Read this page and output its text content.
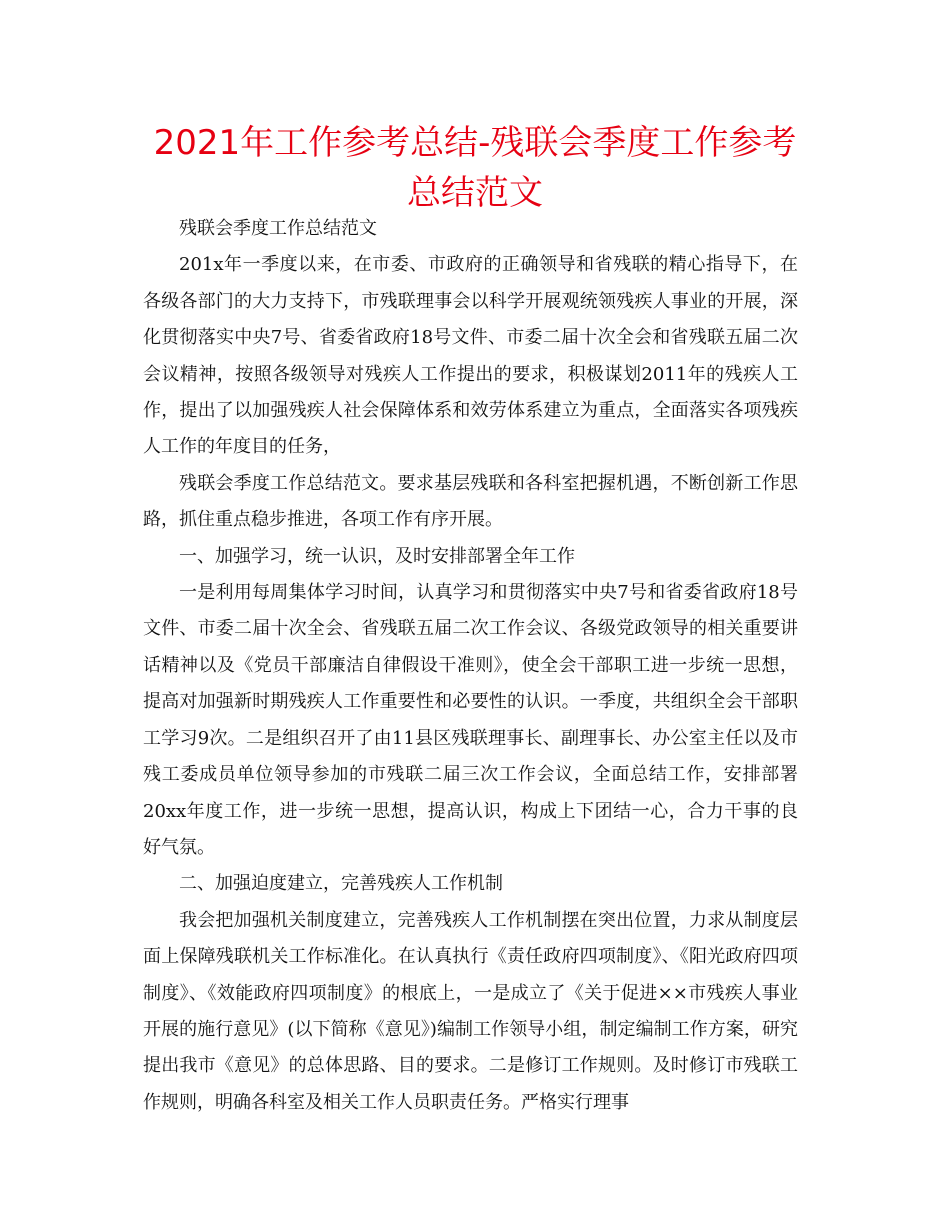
2021年工作参考总结-残联会季度工作参考总结范文

残联会季度工作总结范文

201x年一季度以来，在市委、市政府的正确领导和省残联的精心指导下，在各级各部门的大力支持下，市残联理事会以科学开展观统领残疾人事业的开展，深化贯彻落实中央7号、省委省政府18号文件、市委二届十次全会和省残联五届二次会议精神，按照各级领导对残疾人工作提出的要求，积极谋划2011年的残疾人工作，提出了以加强残疾人社会保障体系和效劳体系建立为重点，全面落实各项残疾人工作的年度目的任务，

残联会季度工作总结范文。要求基层残联和各科室把握机遇，不断创新工作思路，抓住重点稳步推进，各项工作有序开展。

一、加强学习，统一认识，及时安排部署全年工作

一是利用每周集体学习时间，认真学习和贯彻落实中央7号和省委省政府18号文件、市委二届十次全会、省残联五届二次工作会议、各级党政领导的相关重要讲话精神以及《党员干部廉洁自律假设干准则》，使全会干部职工进一步统一思想，提高对加强新时期残疾人工作重要性和必要性的认识。一季度，共组织全会干部职工学习9次。二是组织召开了由11县区残联理事长、副理事长、办公室主任以及市残工委成员单位领导参加的市残联二届三次工作会议，全面总结工作，安排部署20xx年度工作，进一步统一思想，提高认识，构成上下团结一心，合力干事的良好气氛。

二、加强迫度建立，完善残疾人工作机制

我会把加强机关制度建立，完善残疾人工作机制摆在突出位置，力求从制度层面上保障残联机关工作标准化。在认真执行《责任政府四项制度》、《阳光政府四项制度》、《效能政府四项制度》的根底上，一是成立了《关于促进××市残疾人事业开展的施行意见》(以下简称《意见》)编制工作领导小组，制定编制工作方案，研究提出我市《意见》的总体思路、目的要求。二是修订工作规则。及时修订市残联工作规则，明确各科室及相关工作人员职责任务。严格实行理事
